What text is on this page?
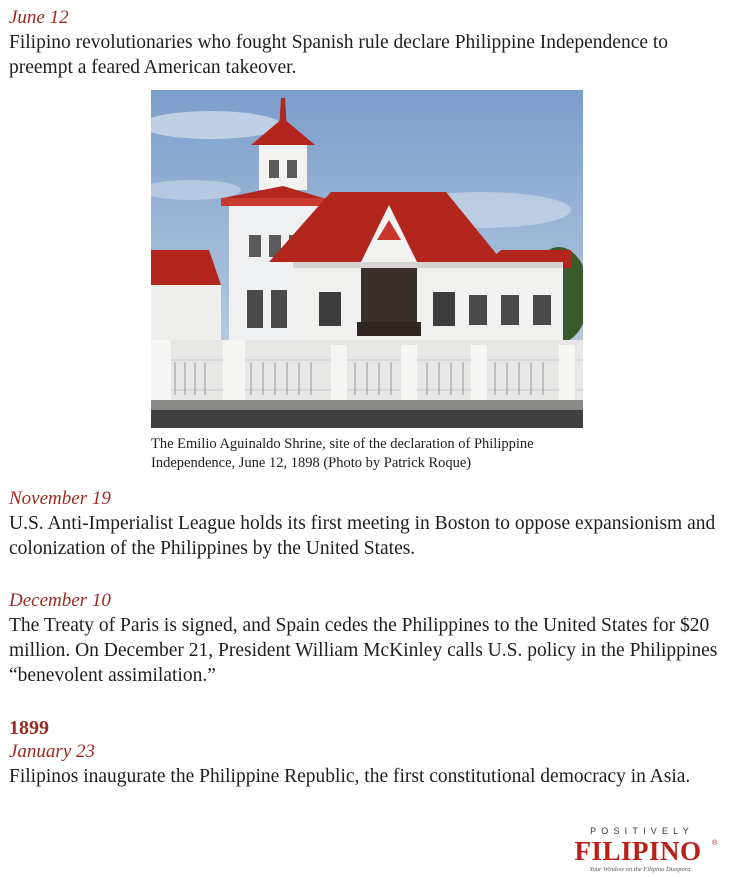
June 12
Filipino revolutionaries who fought Spanish rule declare Philippine Independence to preempt a feared American takeover.
The Emilio Aguinaldo Shrine, site of the declaration of Philippine Independence, June 12, 1898 (Photo by Patrick Roque)
November 19
U.S. Anti-Imperialist League holds its first meeting in Boston to oppose expansionism and colonization of the Philippines by the United States.
December 10
The Treaty of Paris is signed, and Spain cedes the Philippines to the United States for $20 million. On December 21, President William McKinley calls U.S. policy in the Philippines “benevolent assimilation.”
1899
January 23
Filipinos inaugurate the Philippine Republic, the first constitutional democracy in Asia.
POSITIVELY
FILIPINO	®
Your Window on the Filipino Diaspora
